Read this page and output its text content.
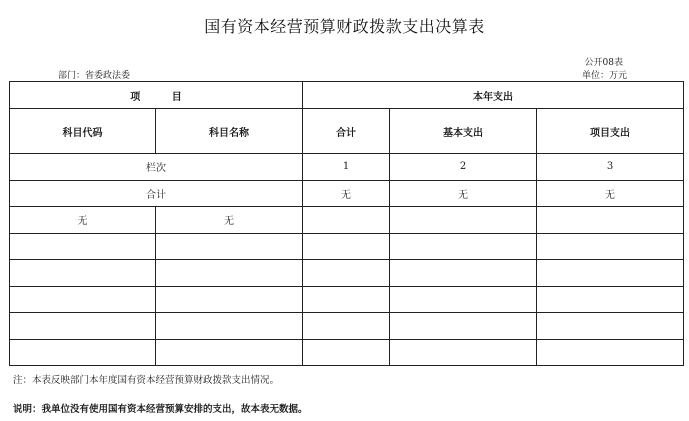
国有资本经营预算财政拨款支出决算表
公开08表
部门：省委政法委	单位：万元
项 目		本年支出		
科目代码	科目名称	合计	基本支出	项目支出
栏次		1	2	3
合计		无	无	无
无	无			

注：本表反映部门本年度国有资本经营预算财政拨款支出情况。
说明：我单位没有使用国有资本经营预算安排的支出，故本表无数据。
